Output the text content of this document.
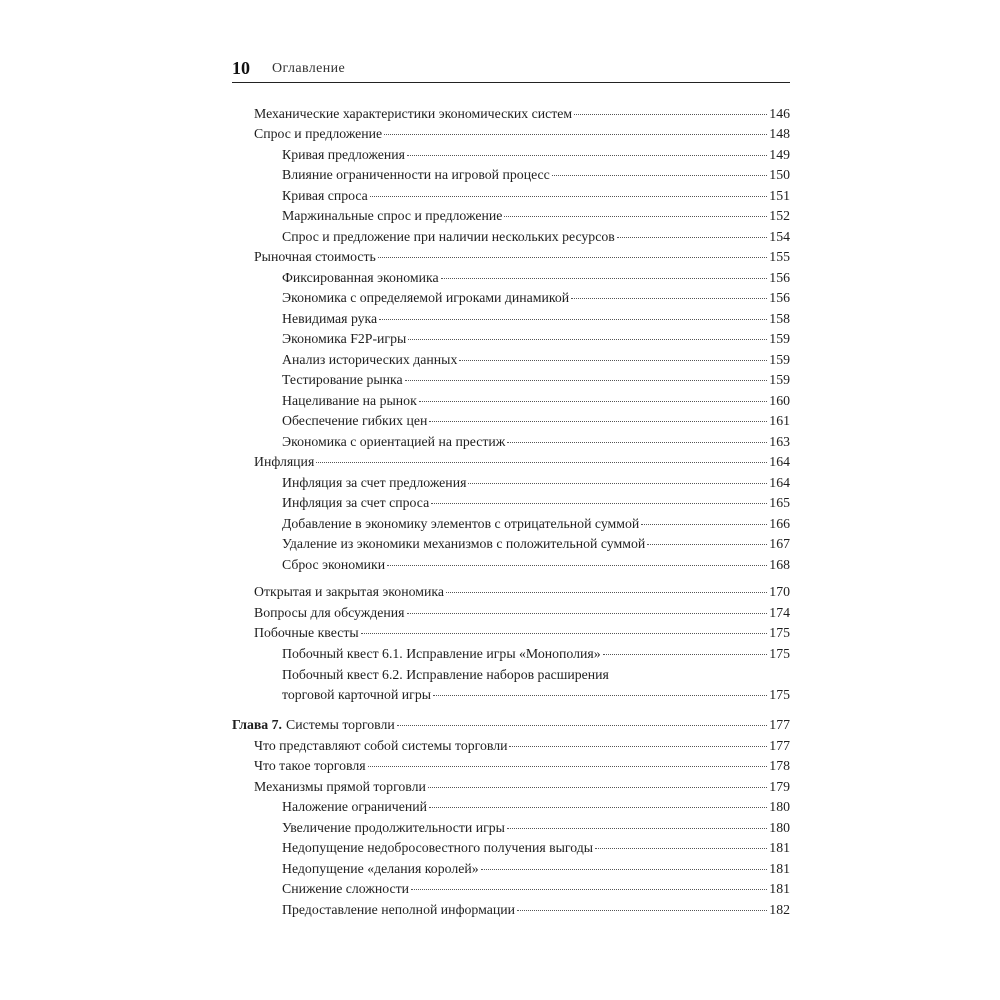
10 Оглавление
Механические характеристики экономических систем	146
Спрос и предложение	148
Кривая предложения	149
Влияние ограниченности на игровой процесс	150
Кривая спроса	151
Маржинальные спрос и предложение	152
Спрос и предложение при наличии нескольких ресурсов	154
Рыночная стоимость	155
Фиксированная экономика	156
Экономика с определяемой игроками динамикой	156
Невидимая рука	158
Экономика F2P-игры	159
Анализ исторических данных	159
Тестирование рынка	159
Нацеливание на рынок	160
Обеспечение гибких цен	161
Экономика с ориентацией на престиж	163
Инфляция	164
Инфляция за счет предложения	164
Инфляция за счет спроса	165
Добавление в экономику элементов с отрицательной суммой	166
Удаление из экономики механизмов с положительной суммой	167
Сброс экономики	168
Открытая и закрытая экономика	170
Вопросы для обсуждения	174
Побочные квесты	175
Побочный квест 6.1. Исправление игры «Монополия»	175
Побочный квест 6.2. Исправление наборов расширения
торговой карточной игры	175
Глава 7. Системы торговли	177
Что представляют собой системы торговли	177
Что такое торговля	178
Механизмы прямой торговли	179
Наложение ограничений	180
Увеличение продолжительности игры	180
Недопущение недобросовестного получения выгоды	181
Недопущение «делания королей»	181
Снижение сложности	181
Предоставление неполной информации	182
